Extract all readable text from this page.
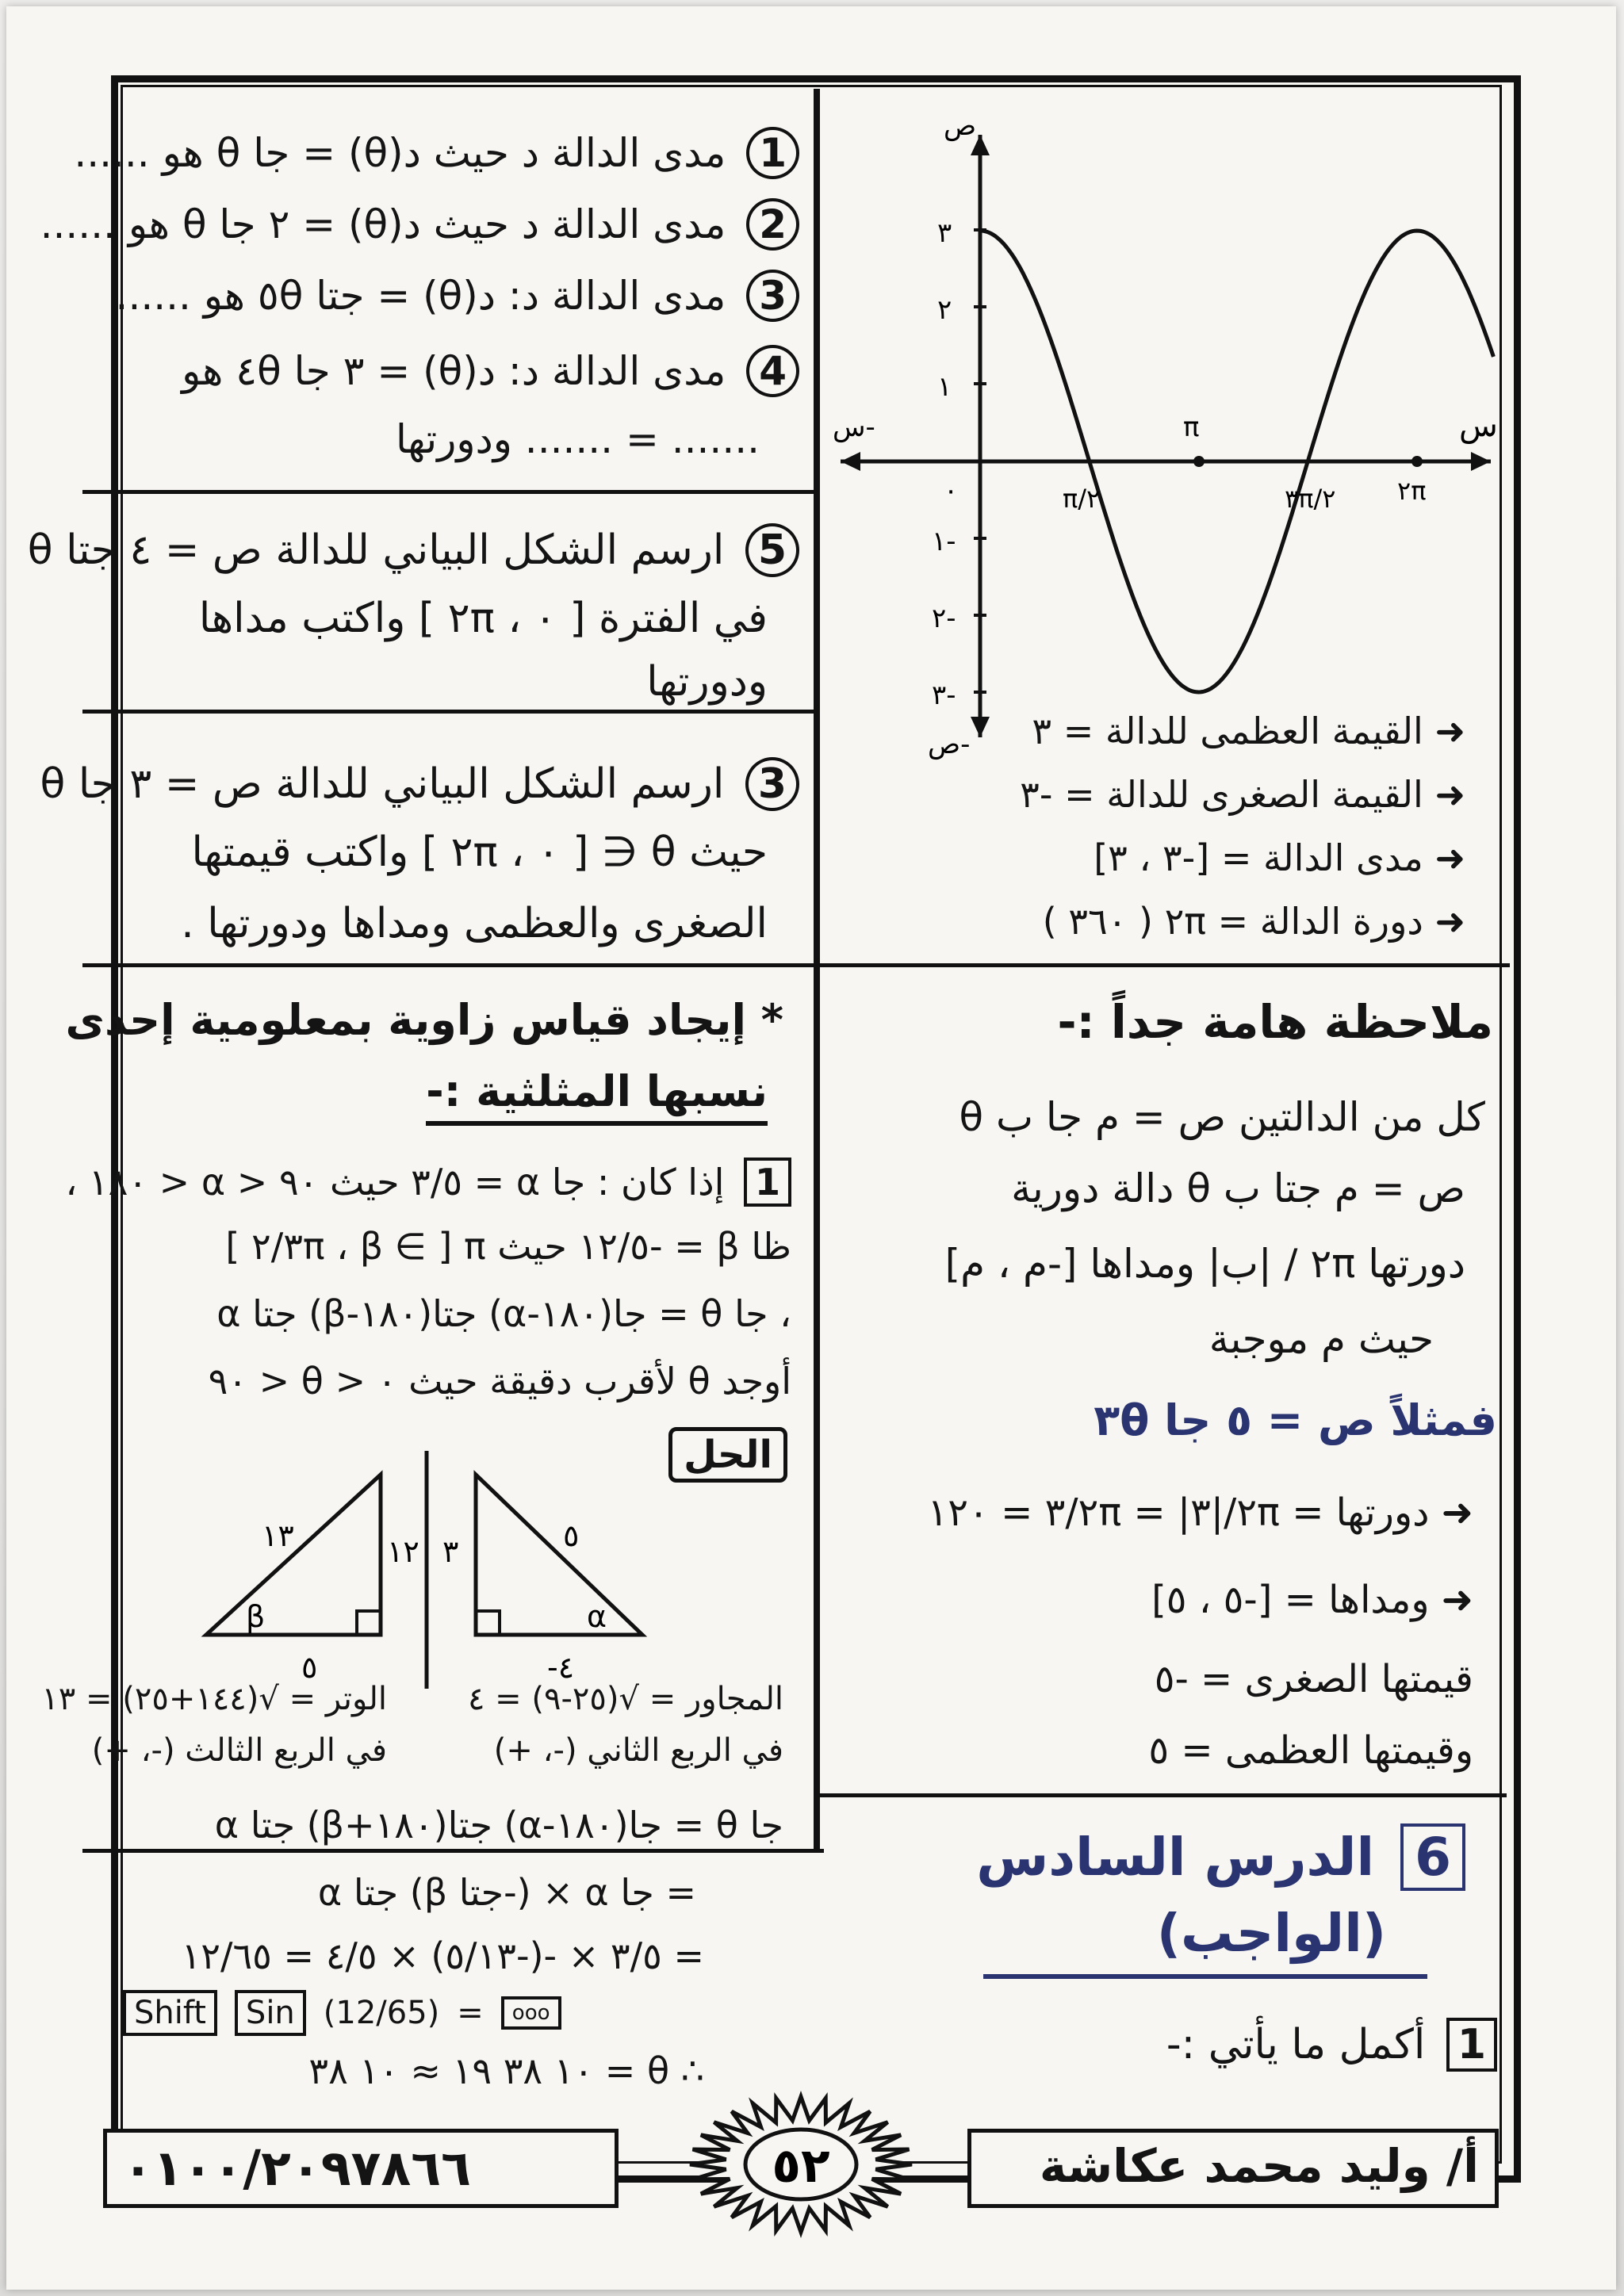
1 مدى الدالة د حيث د(θ) = جا θ هو ......
2 مدى الدالة د حيث د(θ) = ٢ جا θ هو ......
3 مدى الدالة د: د(θ) = جتا ٥θ هو ......
4 مدى الدالة د: د(θ) = ٣ جا ٤θ هو
....... = ....... ودورتها
5 ارسم الشكل البياني للدالة ص = ٤ جتا θ
في الفترة [ ٠ ، ٢π ] واكتب مداها
ودورتها
3 ارسم الشكل البياني للدالة ص = ٣ جا θ
حيث θ ∈ [ ٠ ، ٢π ] واكتب قيمتها
الصغرى والعظمى ومداها ودورتها .
ص
ص-
س
س-
٠
٣
٢
١
١-
٢-
٣-
π/٢
π
٣π/٢ ٢π
➜ القيمة العظمى للدالة = ٣
➜ القيمة الصغرى للدالة = -٣
➜ مدى الدالة = [-٣ ، ٣]
➜ دورة الدالة = ٢π ( ٣٦٠ )
* إيجاد قياس زاوية بمعلومية إحدى
نسبها المثلثية :-
1 إذا كان : جا α = ٣/٥ حيث ٩٠ < α < ١٨٠ ،
ظا β = -١٢/٥ حيث β ∈ ] π ، ٣π/٢ ]
، جا θ = جا(١٨٠-α) جتا(١٨٠-β) جتا α
أوجد θ لأقرب دقيقة حيث ٠ < θ < ٩٠
الحل
١٣	١٢
٥
β
٥
٣
-٤
α
المجاور = √(٢٥-٩) = ٤
في الربع الثاني (-، +)
الوتر = √(١٤٤+٢٥) = ١٣
في الربع الثالث (-، +)
جا θ = جا(١٨٠-α) جتا(١٨٠+β) جتا α
= جا α × (-جتا β) جتا α
= ٣/٥ × -(-٥/١٣) × ٤/٥ = ١٢/٦٥
Shift	Sin (12/65) =	ooo
∴ θ = ١٠ ٣٨ ١٩ ≈ ١٠ ٣٨
ملاحظة هامة جداً :-
كل من الدالتين ص = م جا ب θ
ص = م جتا ب θ دالة دورية
دورتها ٢π / |ب| ومداها [-م ، م]
حيث م موجبة
فمثلاً ص = ٥ جا ٣θ
➜ دورتها = ٢π/|٣| = ٢π/٣ = ١٢٠
➜ ومداها = [-٥ ، ٥]
قيمتها الصغرى = -٥
وقيمتها العظمى = ٥
6 الدرس السادس
(الواجب)
1 أكمل ما يأتي :-
٠١٠٠/٢٠٩٧٨٦٦	أ/ وليد محمد عكاشة
٥٢
